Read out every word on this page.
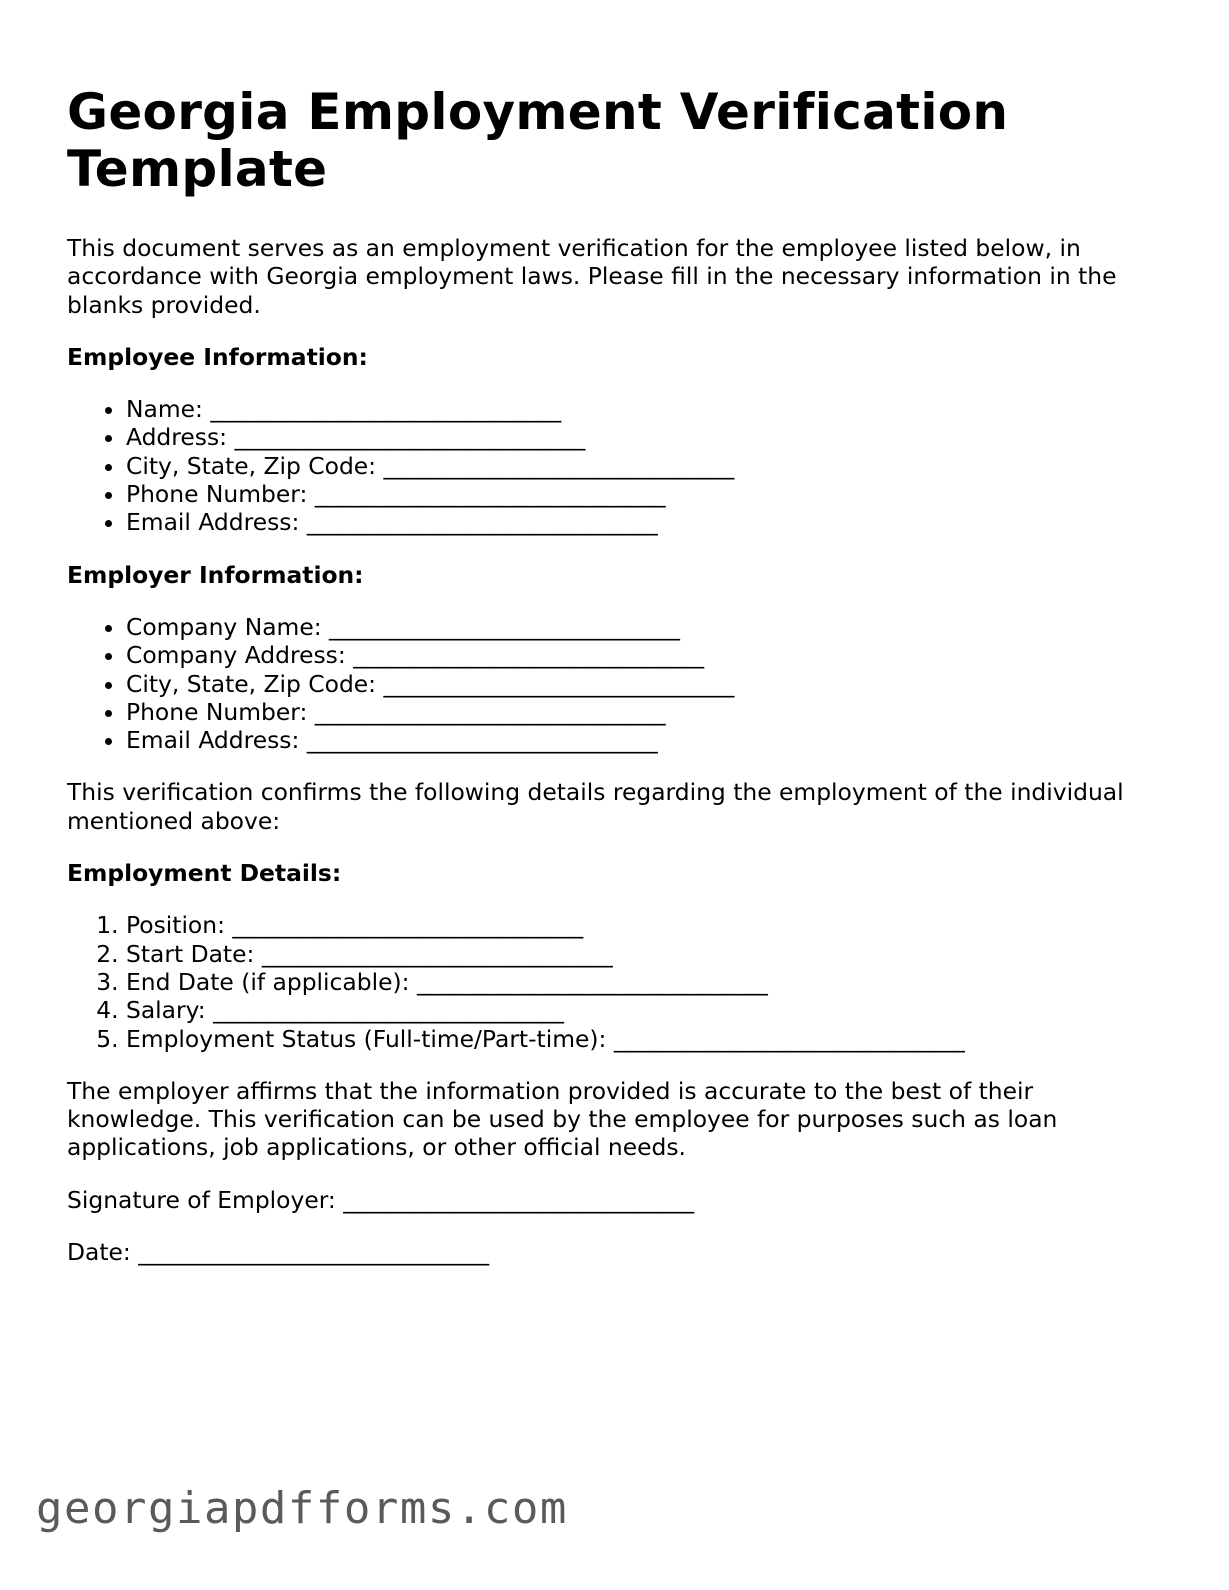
Georgia Employment Verification Template

This document serves as an employment verification for the employee listed below, in accordance with Georgia employment laws. Please fill in the necessary information in the blanks provided.

Employee Information:
• Name: ______________________________
• Address: ______________________________
• City, State, Zip Code: ______________________________
• Phone Number: ______________________________
• Email Address: ______________________________
Employer Information:
• Company Name: ______________________________
• Company Address: ______________________________
• City, State, Zip Code: ______________________________
• Phone Number: ______________________________
• Email Address: ______________________________

This verification confirms the following details regarding the employment of the individual mentioned above:

Employment Details:
1. Position: ______________________________
2. Start Date: ______________________________
3. End Date (if applicable): ______________________________
4. Salary: ______________________________
5. Employment Status (Full-time/Part-time): ______________________________

The employer affirms that the information provided is accurate to the best of their knowledge. This verification can be used by the employee for purposes such as loan applications, job applications, or other official needs.

Signature of Employer: ______________________________
Date: ______________________________
georgiapdfforms.com
